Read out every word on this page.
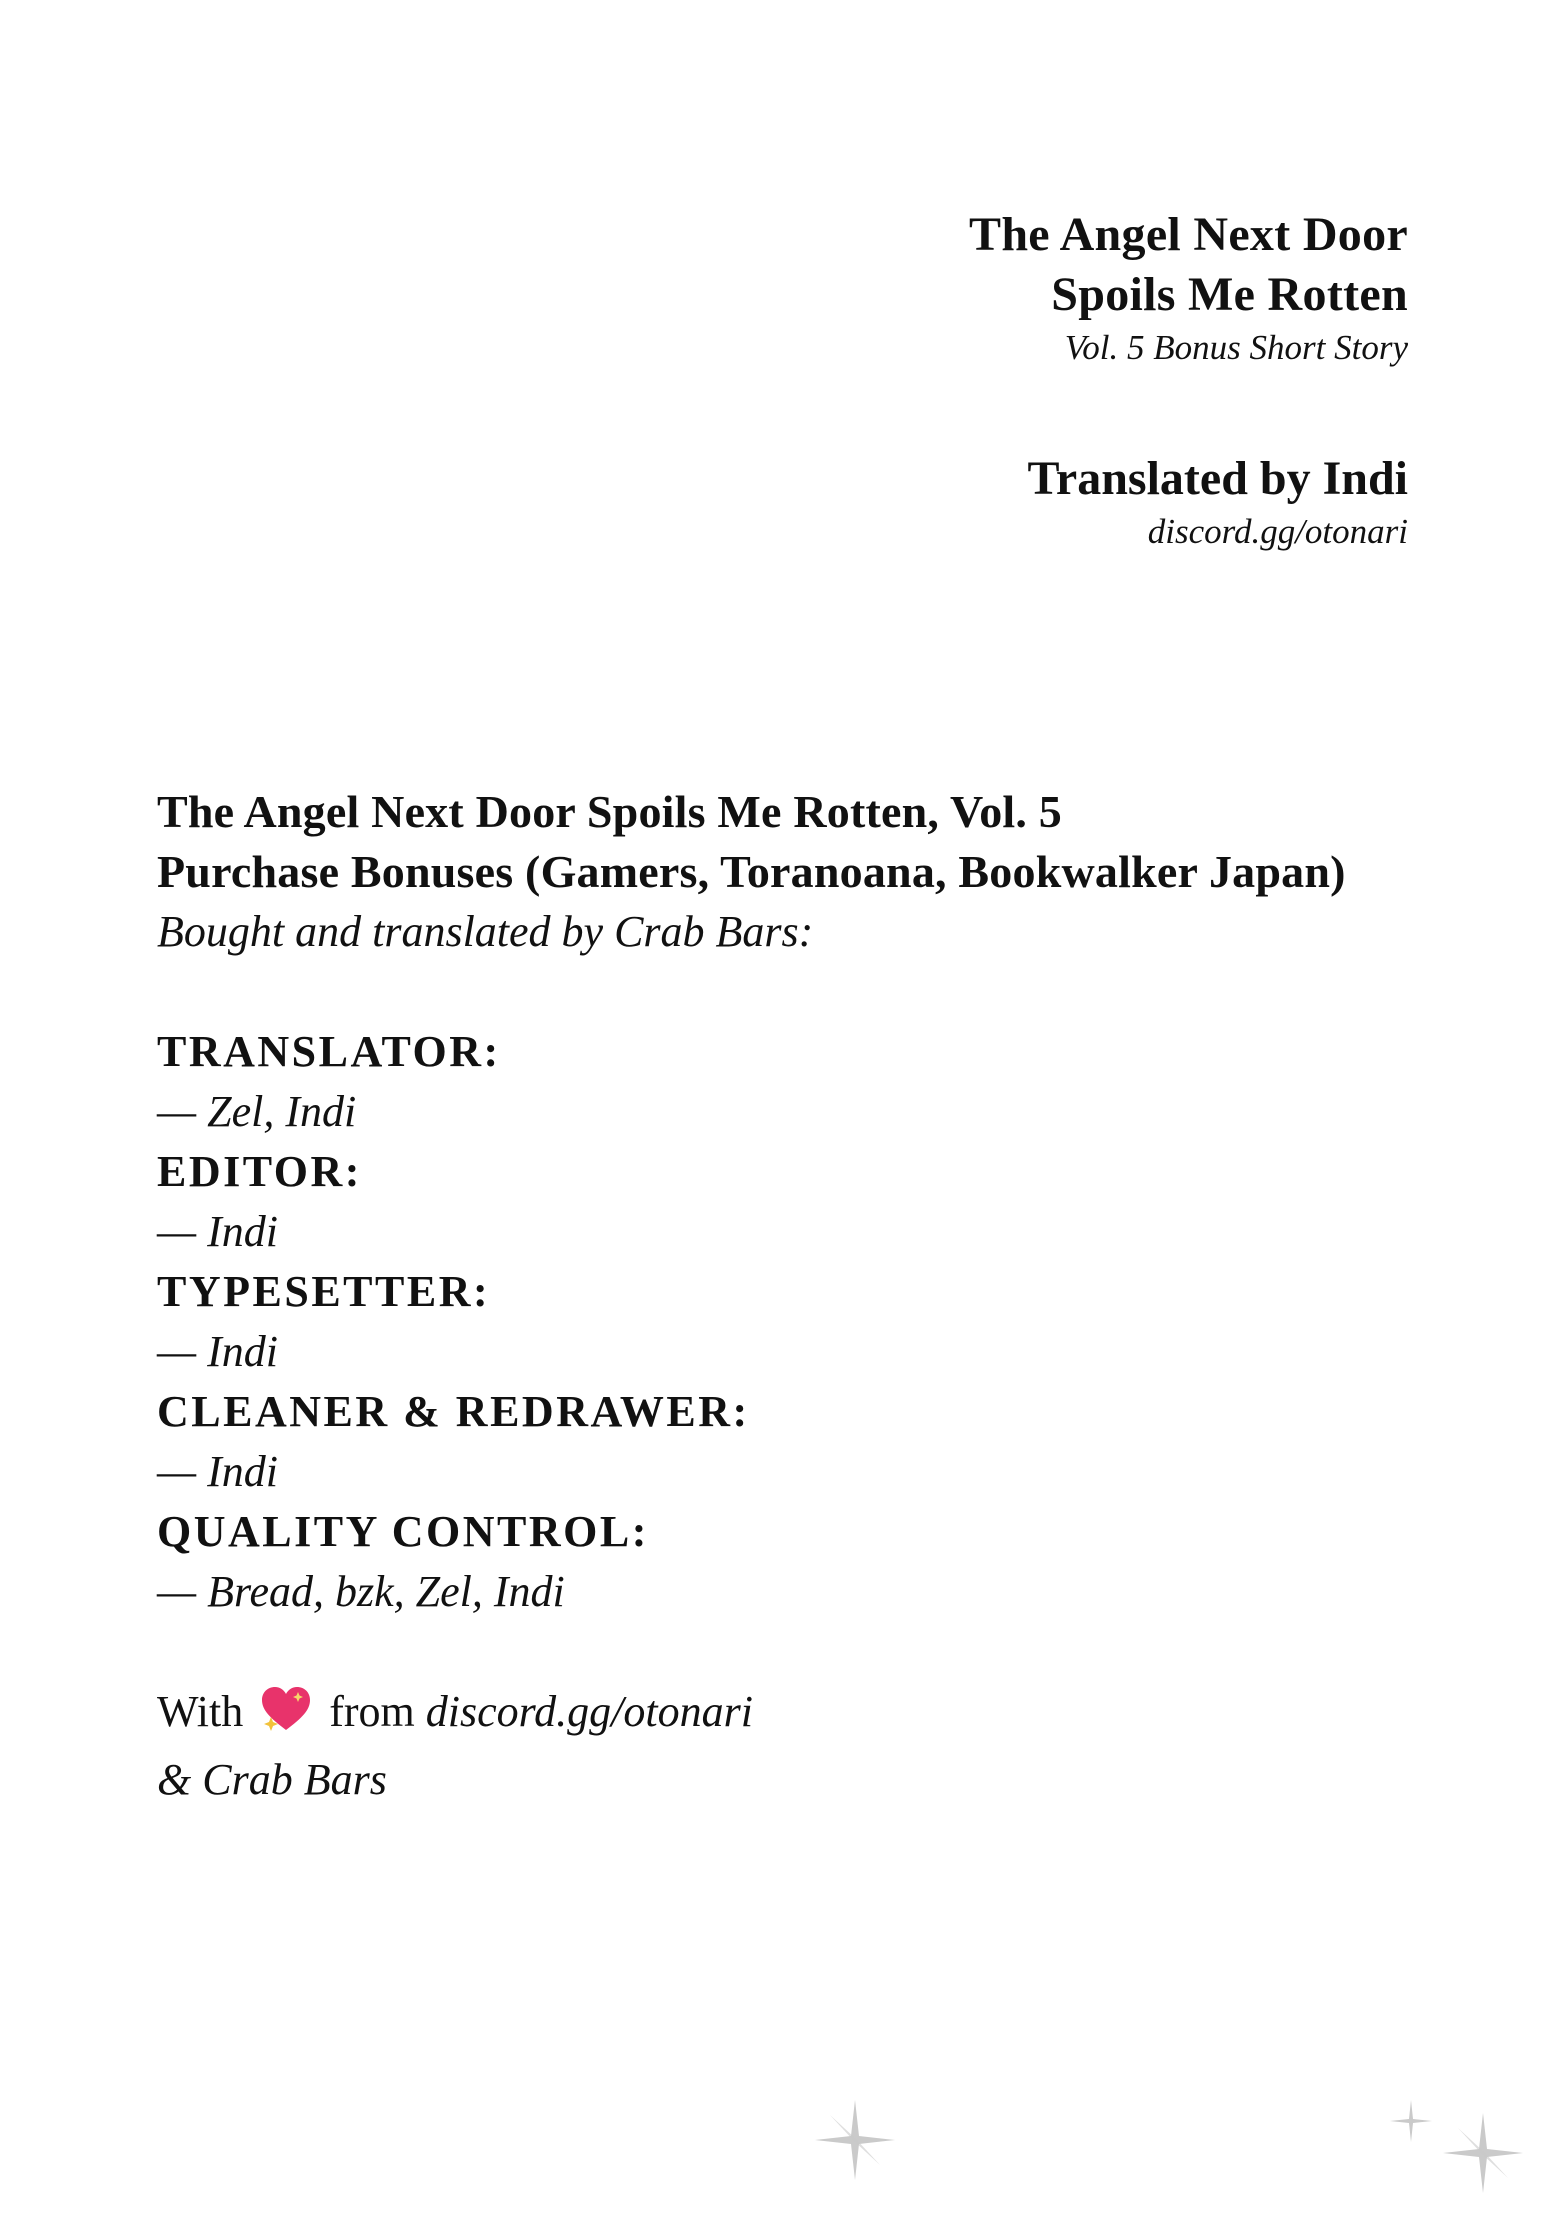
The Angel Next Door
Spoils Me Rotten
Vol. 5 Bonus Short Story
Translated by Indi
discord.gg/otonari
The Angel Next Door Spoils Me Rotten, Vol. 5
Purchase Bonuses (Gamers, Toranoana, Bookwalker Japan)
Bought and translated by Crab Bars:
TRANSLATOR:
— Zel, Indi
EDITOR:
— Indi
TYPESETTER:
— Indi
CLEANER & REDRAWER:
— Indi
QUALITY CONTROL:
— Bread, bzk, Zel, Indi
With from discord.gg/otonari
& Crab Bars
